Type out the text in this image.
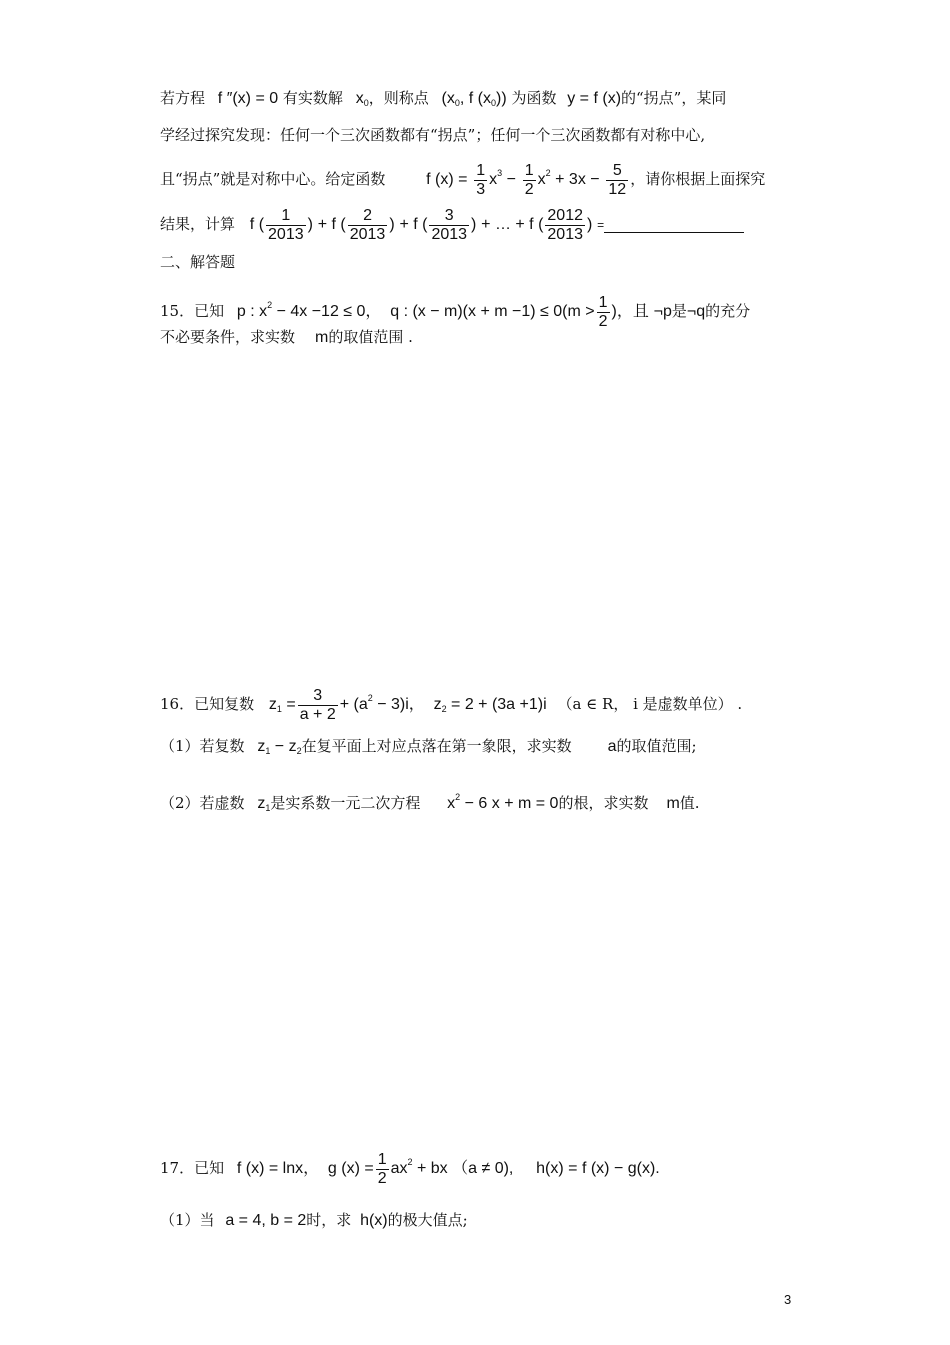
若方程 f ″(x) = 0 有实数解 $x_0$，则称点 ($x_0$, f $(x_0)$) 为函数 y = f (x)的“拐点”，某同
学经过探究发现：任何一个三次函数都有“拐点”；任何一个三次函数都有对称中心,
且“拐点”就是对称中心。给定函数	f $(x) = \frac{1}{3} x^3 - \frac{1}{2} x^2 + 3x - \frac{5}{12}$ ，请你根据上面探究
结果，计算 f ( $\frac{1}{2013}$ ) + f ( $\frac{2}{2013}$ ) + f ( $\frac{3}{2013}$ ) + … + f ( $\frac{2012}{2013}$ ) =
二、解答题
15．已知 p : $x^2 - 4x -12 \le 0$， q : $(x - m)(x + m -1) \le 0(m > \frac{1}{2}$ )，且 ¬p是¬q的充分
不必要条件，求实数 m的取值范围 .
16．已知复数 $z_1 = \frac{3}{a + 2} + (a^2 - 3)i$， $z_2 = 2 + (3a +1)i$ （a ∈ R， i 是虚数单位） .
（1）若复数 $z_1 - z_2$在复平面上对应点落在第一象限，求实数 a的取值范围;
（2）若虚数 $z_1$是实系数一元二次方程 $x^2 - 6$ x + m = 0的根，求实数 m值.
17．已知 f (x) = lnx， g $(x) = \frac{1}{2} ax^2$ + bx （a ≠ 0), h(x) = f (x) − g(x).
（1）当 a = 4, b = 2时，求 h(x)的极大值点;
3
